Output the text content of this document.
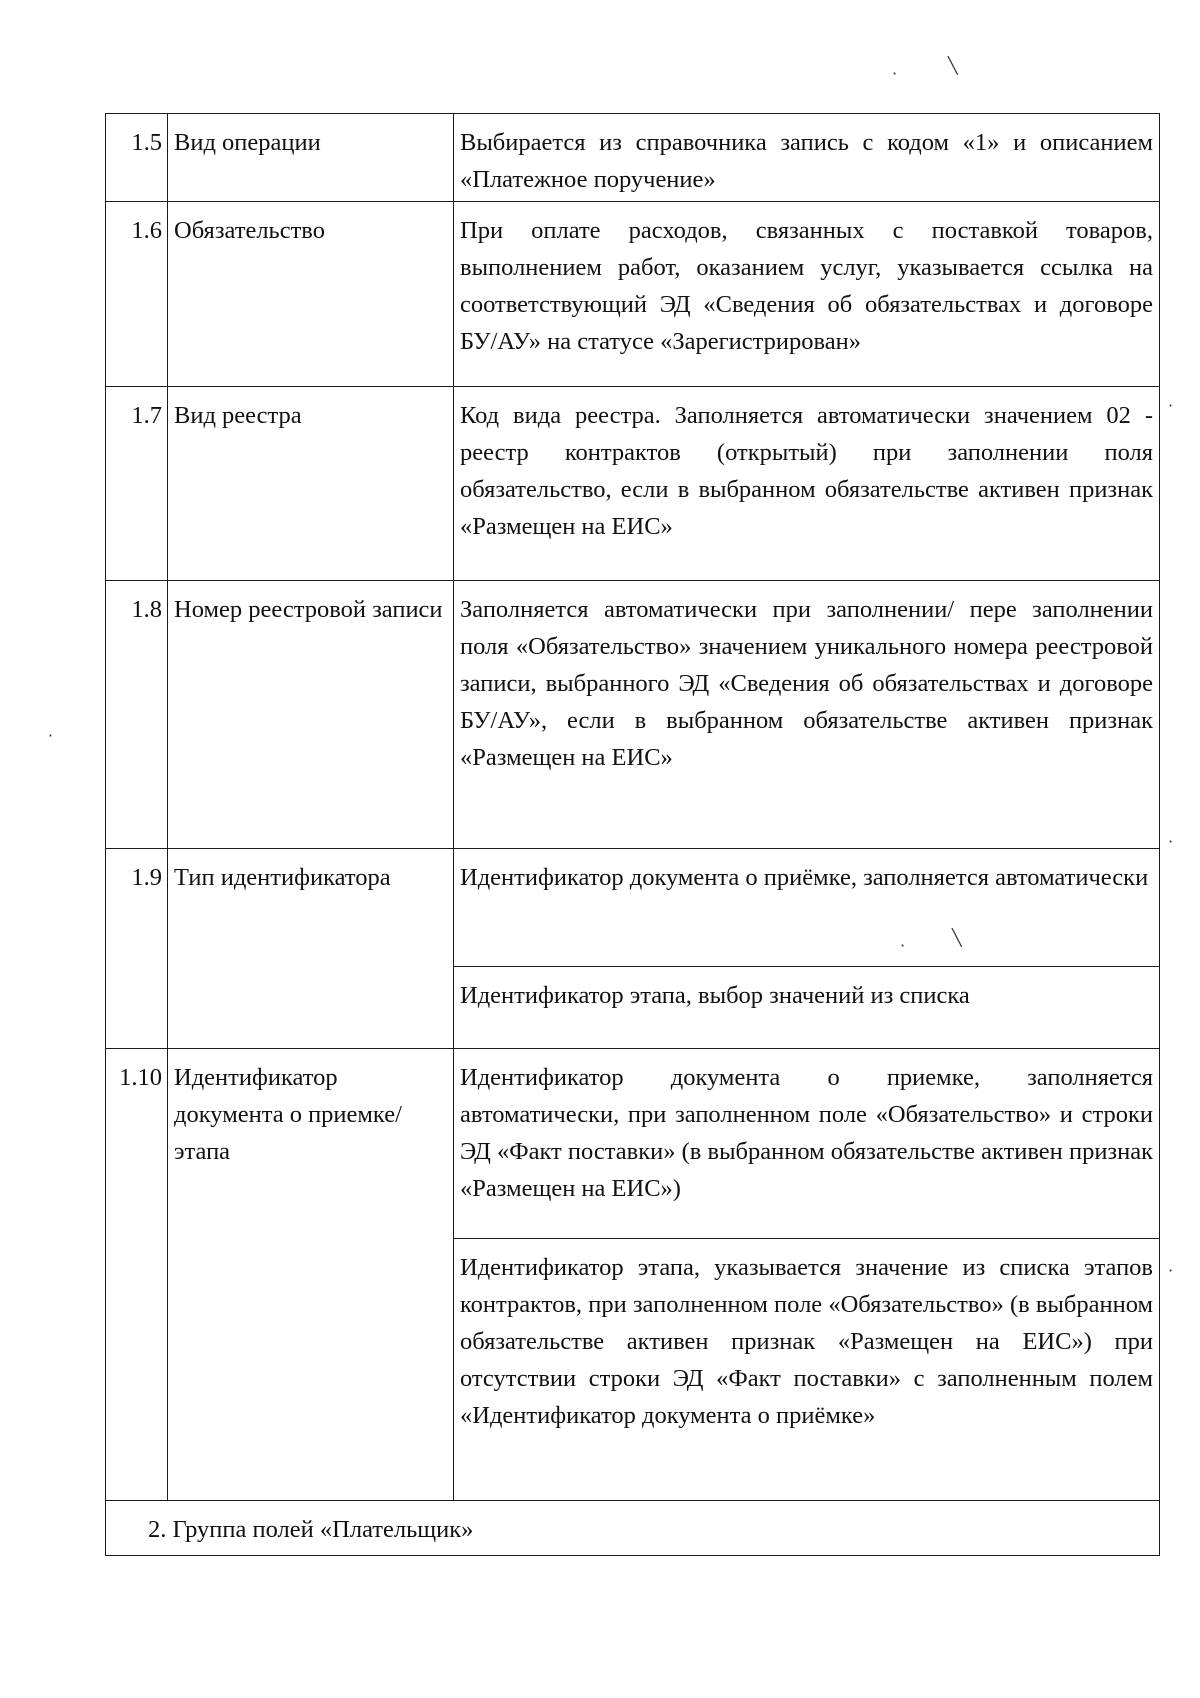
1.5	Вид операции	Выбирается из справочника запись с кодом «1» и описанием «Платежное поручение»

1.6	Обязательство	При оплате расходов, связанных с поставкой товаров, выполнением работ, оказанием услуг, указывается ссылка на соответствующий ЭД «Сведения об обязательствах и договоре БУ/АУ» на статусе «Зарегистрирован»

1.7	Вид реестра	Код вида реестра. Заполняется автоматически значением 02 - реестр контрактов (открытый) при заполнении поля обязательство, если в выбранном обязательстве активен признак «Размещен на ЕИС»

1.8	Номер реестровой записи	Заполняется автоматически при заполнении/ пере заполнении поля «Обязательство» значением уникального номера реестровой записи, выбранного ЭД «Сведения об обязательствах и договоре БУ/АУ», если в выбранном обязательстве активен признак «Размещен на ЕИС»

1.9	Тип идентификатора	Идентификатор документа о приёмке, заполняется автоматически

		Идентификатор этапа, выбор значений из списка

1.10	Идентификатор документа о приемке/этапа	Идентификатор документа о приемке, заполняется автоматически, при заполненном поле «Обязательство» и строки ЭД «Факт поставки» (в выбранном обязательстве активен признак «Размещен на ЕИС»)

		Идентификатор этапа, указывается значение из списка этапов контрактов, при заполненном поле «Обязательство» (в выбранном обязательстве активен признак «Размещен на ЕИС») при отсутствии строки ЭД «Факт поставки» с заполненным полем «Идентификатор документа о приёмке»

2. Группа полей «Плательщик»		
·	╲
·
·
·
·
·	╲
